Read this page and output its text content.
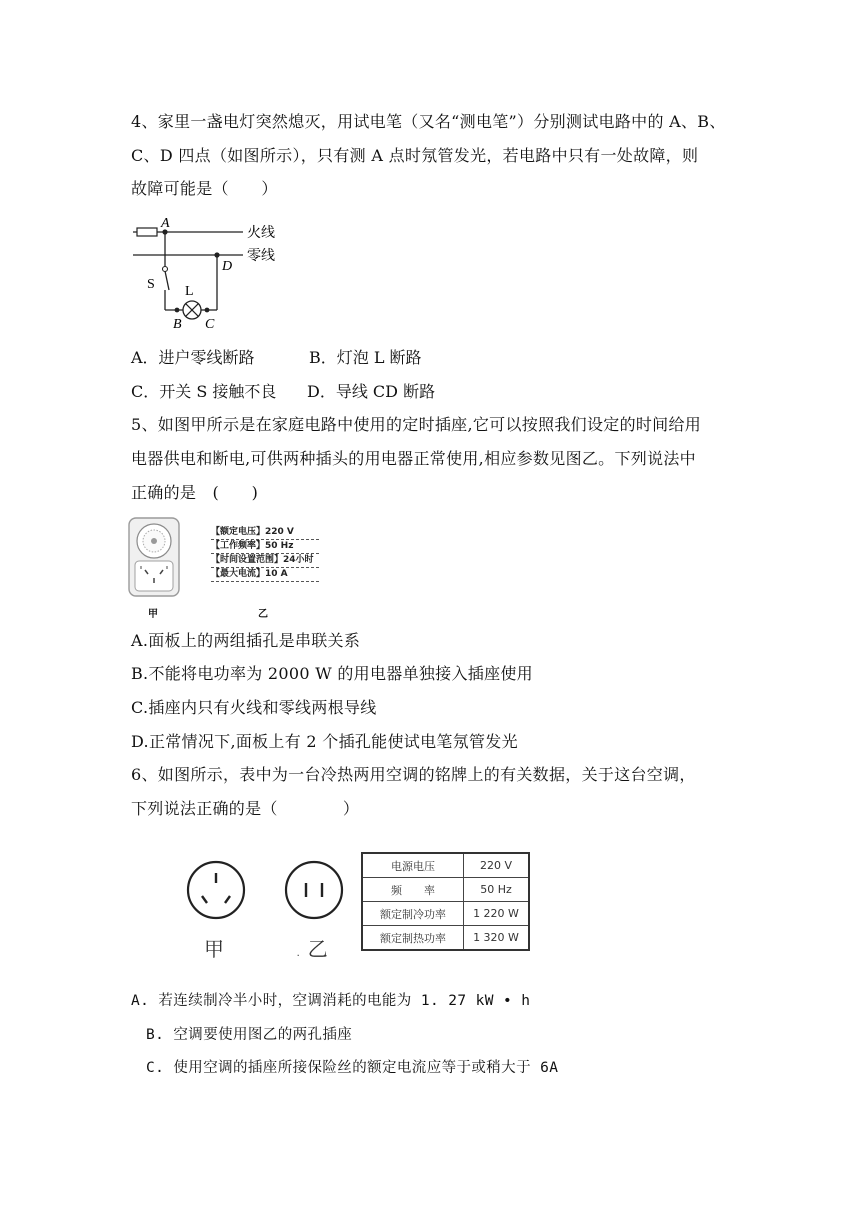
4、家里一盏电灯突然熄灭，用试电笔（又名“测电笔”）分别测试电路中的 A、B、
C、D 四点（如图所示），只有测 A 点时氖管发光，若电路中只有一处故障，则
故障可能是（　　）
A
火线
零线
D
S L
B C
A．进户零线断路	B．灯泡 L 断路
C．开关 S 接触不良 D．导线 CD 断路
5、如图甲所示是在家庭电路中使用的定时插座,它可以按照我们设定的时间给用
电器供电和断电,可供两种插头的用电器正常使用,相应参数见图乙。下列说法中
正确的是　(　　)
【额定电压】220 V
【工作频率】50 Hz
【时间设置范围】24小时
【最大电流】10 A
甲	乙
A.面板上的两组插孔是串联关系
B.不能将电功率为 2000 W 的用电器单独接入插座使用
C.插座内只有火线和零线两根导线
D.正常情况下,面板上有 2 个插孔能使试电笔氖管发光
6、如图所示，表中为一台冷热两用空调的铭牌上的有关数据，关于这台空调，
下列说法正确的是（　　　　）
甲	. 乙
电源电压	220 V
频　　率	50 Hz
额定制冷功率	1 220 W
额定制热功率	1 320 W
A. 若连续制冷半小时，空调消耗的电能为 1. 27 kW • h
B. 空调要使用图乙的两孔插座
C. 使用空调的插座所接保险丝的额定电流应等于或稍大于 6A
